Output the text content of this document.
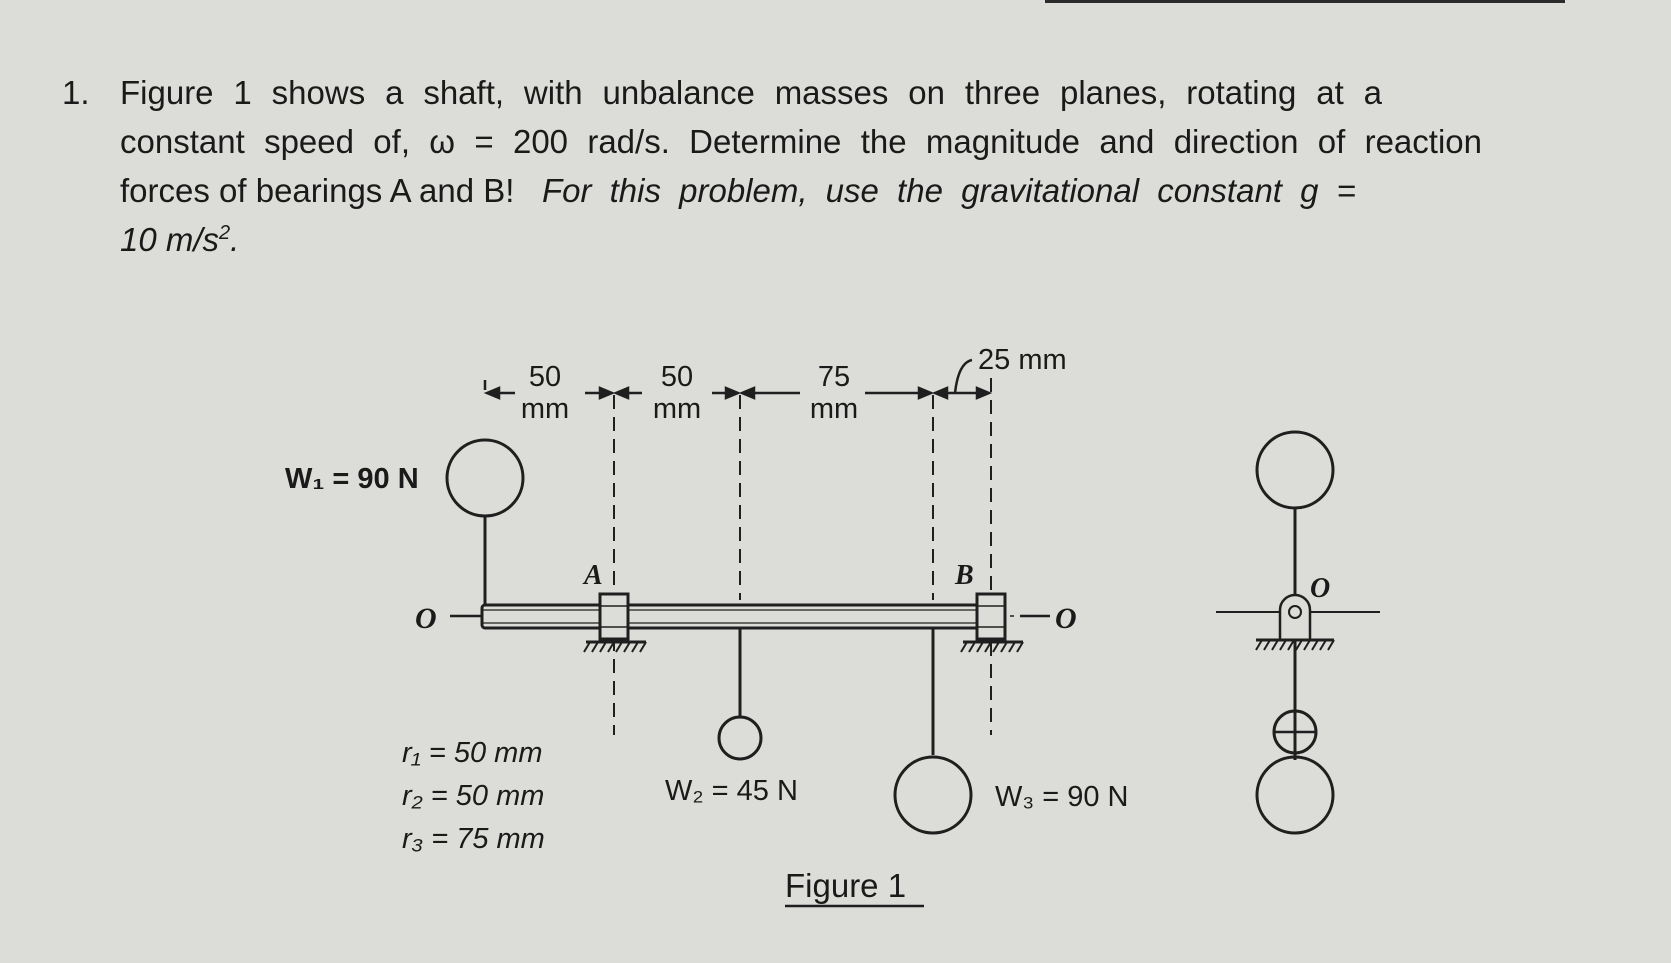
1. Figure 1 shows a shaft, with unbalance masses on three planes, rotating at a
constant speed of, ω = 200 rad/s. Determine the magnitude and direction of reaction
forces of bearings A and B! For this problem, use the gravitational constant g =
10 $m/s^2$.
50
mm
50
mm
75
mm
25 mm
W₁ = 90 N
W₂ = 45 N	W₃ = 90 N
r₁ = 50 mm
r₂ = 50 mm
r₃ = 75 mm
A	B
O	O
O
Figure 1
